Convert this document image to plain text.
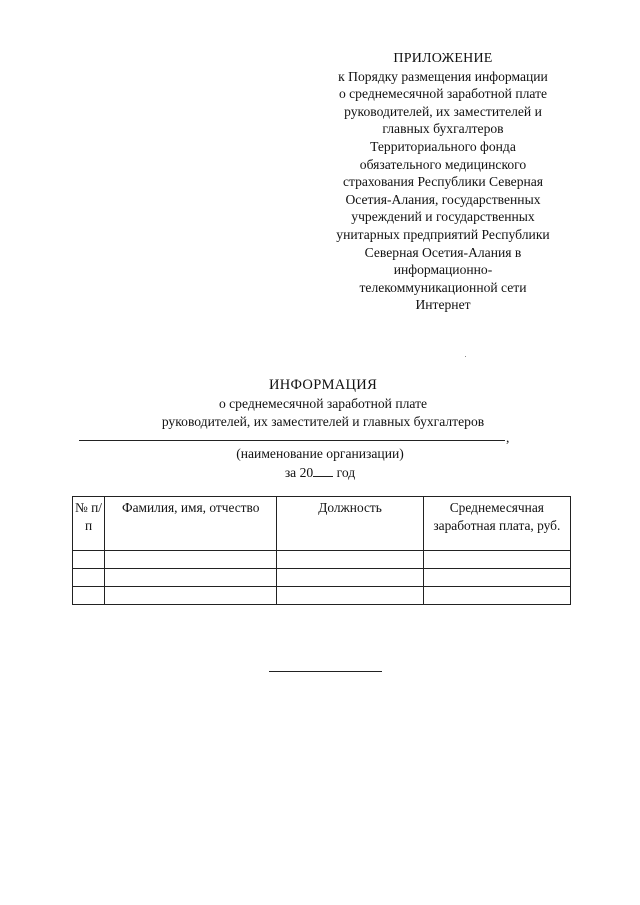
ПРИЛОЖЕНИЕ
к Порядку размещения информации
о среднемесячной заработной плате
руководителей, их заместителей и
главных бухгалтеров
Территориального фонда
обязательного медицинского
страхования Республики Северная
Осетия-Алания, государственных
учреждений и государственных
унитарных предприятий Республики
Северная Осетия-Алания в
информационно-
телекоммуникационной сети
Интернет
ИНФОРМАЦИЯ
о среднемесячной заработной плате
руководителей, их заместителей и главных бухгалтеров
,
(наименование организации)
за 20 год
№ п/п	Фамилия, имя, отчество	Должность	Среднемесячная заработная плата, руб.
